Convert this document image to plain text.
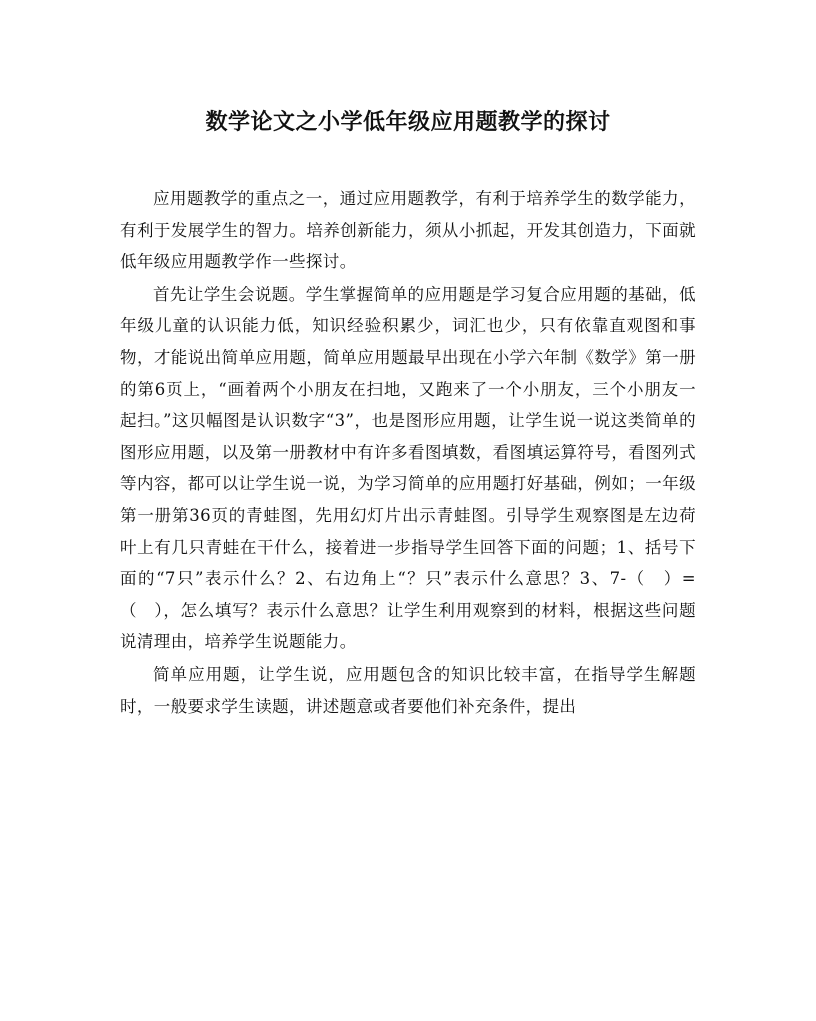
数学论文之小学低年级应用题教学的探讨

应用题教学的重点之一，通过应用题教学，有利于培养学生的数学能力，有利于发展学生的智力。培养创新能力，须从小抓起，开发其创造力，下面就低年级应用题教学作一些探讨。

首先让学生会说题。学生掌握简单的应用题是学习复合应用题的基础，低年级儿童的认识能力低，知识经验积累少，词汇也少，只有依靠直观图和事物，才能说出简单应用题，简单应用题最早出现在小学六年制《数学》第一册的第6页上，“画着两个小朋友在扫地，又跑来了一个小朋友，三个小朋友一起扫。”这贝幅图是认识数字“3”，也是图形应用题，让学生说一说这类简单的图形应用题，以及第一册教材中有许多看图填数，看图填运算符号，看图列式等内容，都可以让学生说一说，为学习简单的应用题打好基础，例如；一年级第一册第36页的青蛙图，先用幻灯片出示青蛙图。引导学生观察图是左边荷叶上有几只青蛙在干什么，接着进一步指导学生回答下面的问题；1、括号下面的“7只”表示什么？2、右边角上“？只”表示什么意思？3、7-（　）=（　），怎么填写？表示什么意思？让学生利用观察到的材料，根据这些问题说清理由，培养学生说题能力。

简单应用题，让学生说，应用题包含的知识比较丰富，在指导学生解题时，一般要求学生读题，讲述题意或者要他们补充条件，提出
